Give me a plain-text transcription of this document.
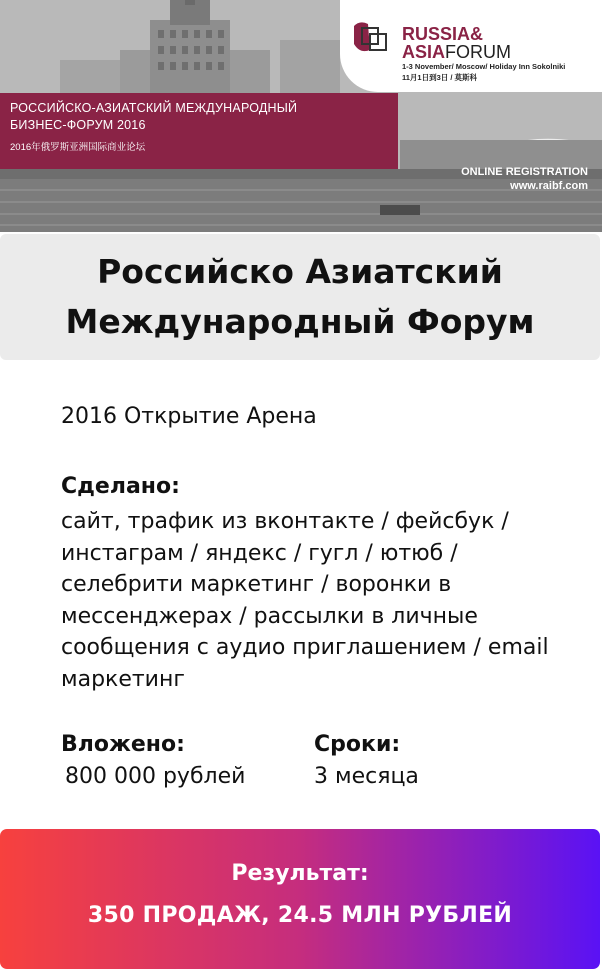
RUSSIA&
ASIAFORUM
1-3 November/ Moscow/ Holiday Inn Sokolniki
11月1日到3日 / 莫斯科
РОССИЙСКО-АЗИАТСКИЙ МЕЖДУНАРОДНЫЙ
БИЗНЕС-ФОРУМ 2016
2016年俄罗斯亚洲国际商业论坛
ONLINE REGISTRATION
www.raibf.com
Российско Азиатский
Международный Форум
2016 Открытие Арена
Сделано:
сайт, трафик из вконтакте / фейсбук / инстаграм / яндекс / гугл / ютюб / селебрити маркетинг / воронки в мессенджерах / рассылки в личные сообщения с аудио приглашением / email маркетинг
Вложено:
800 000 рублей
Сроки:
3 месяца
Результат:
350 ПРОДАЖ, 24.5 МЛН РУБЛЕЙ
